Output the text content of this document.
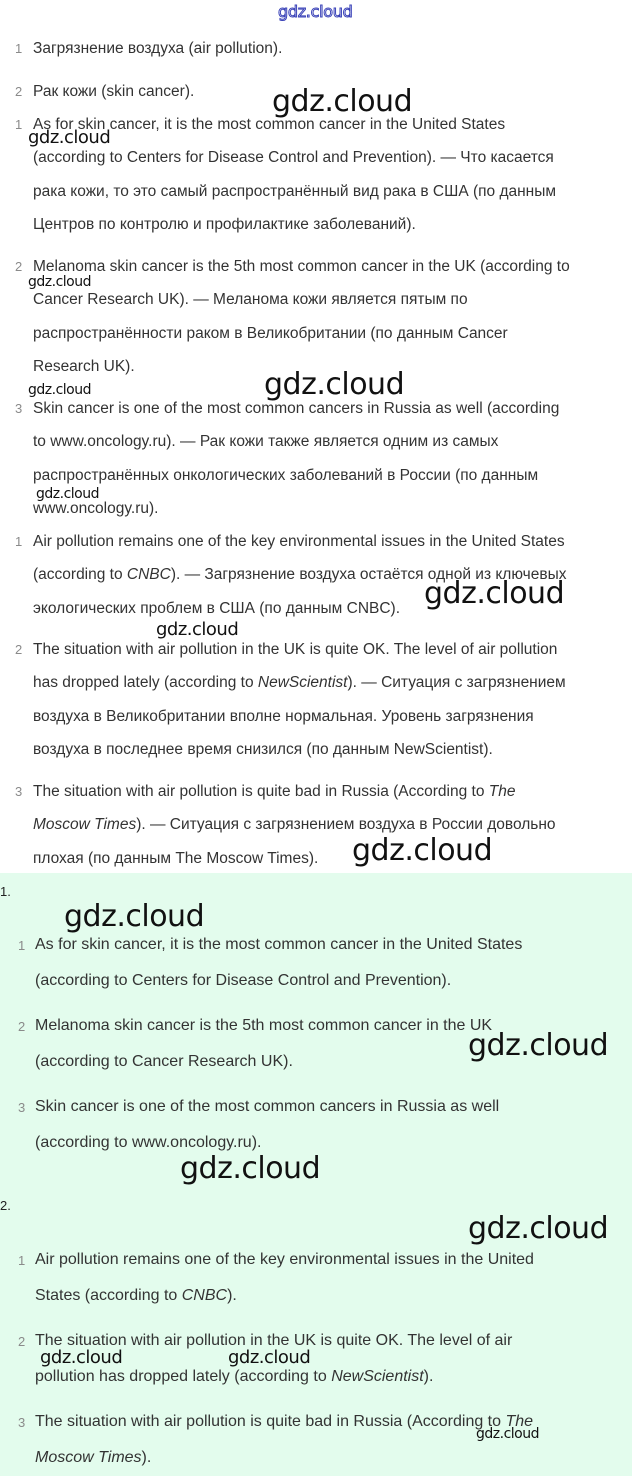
gdz.cloud
1 Загрязнение воздуха (air pollution).
2 Рак кожи (skin cancer).
1 As for skin cancer, it is the most common cancer in the United States
(according to Centers for Disease Control and Prevention). — Что касается
рака кожи, то это самый распространённый вид рака в США (по данным
Центров по контролю и профилактике заболеваний).
2 Melanoma skin cancer is the 5th most common cancer in the UK (according to
Cancer Research UK). — Меланома кожи является пятым по
распространённости раком в Великобритании (по данным Cancer
Research UK).
3 Skin cancer is one of the most common cancers in Russia as well (according
to www.oncology.ru). — Рак кожи также является одним из самых
распространённых онкологических заболеваний в России (по данным
www.oncology.ru).
1 Air pollution remains one of the key environmental issues in the United States
(according to CNBC). — Загрязнение воздуха остаётся одной из ключевых
экологических проблем в США (по данным CNBC).
2 The situation with air pollution in the UK is quite OK. The level of air pollution
has dropped lately (according to NewScientist). — Ситуация с загрязнением
воздуха в Великобритании вполне нормальная. Уровень загрязнения
воздуха в последнее время снизился (по данным NewScientist).
3 The situation with air pollution is quite bad in Russia (According to The
Moscow Times). — Ситуация с загрязнением воздуха в России довольно
плохая (по данным The Moscow Times).
1.
1 As for skin cancer, it is the most common cancer in the United States
(according to Centers for Disease Control and Prevention).
2 Melanoma skin cancer is the 5th most common cancer in the UK
(according to Cancer Research UK).
3 Skin cancer is one of the most common cancers in Russia as well
(according to www.oncology.ru).
2.
1 Air pollution remains one of the key environmental issues in the United
States (according to CNBC).
2 The situation with air pollution in the UK is quite OK. The level of air
pollution has dropped lately (according to NewScientist).
3 The situation with air pollution is quite bad in Russia (According to The
Moscow Times).
gdz.cloud
gdz.cloud
gdz.cloud
gdz.cloud
gdz.cloud
gdz.cloud
gdz.cloud
gdz.cloud
gdz.cloud
gdz.cloud
gdz.cloud
gdz.cloud
gdz.cloud
gdz.cloud	gdz.cloud
gdz.cloud
